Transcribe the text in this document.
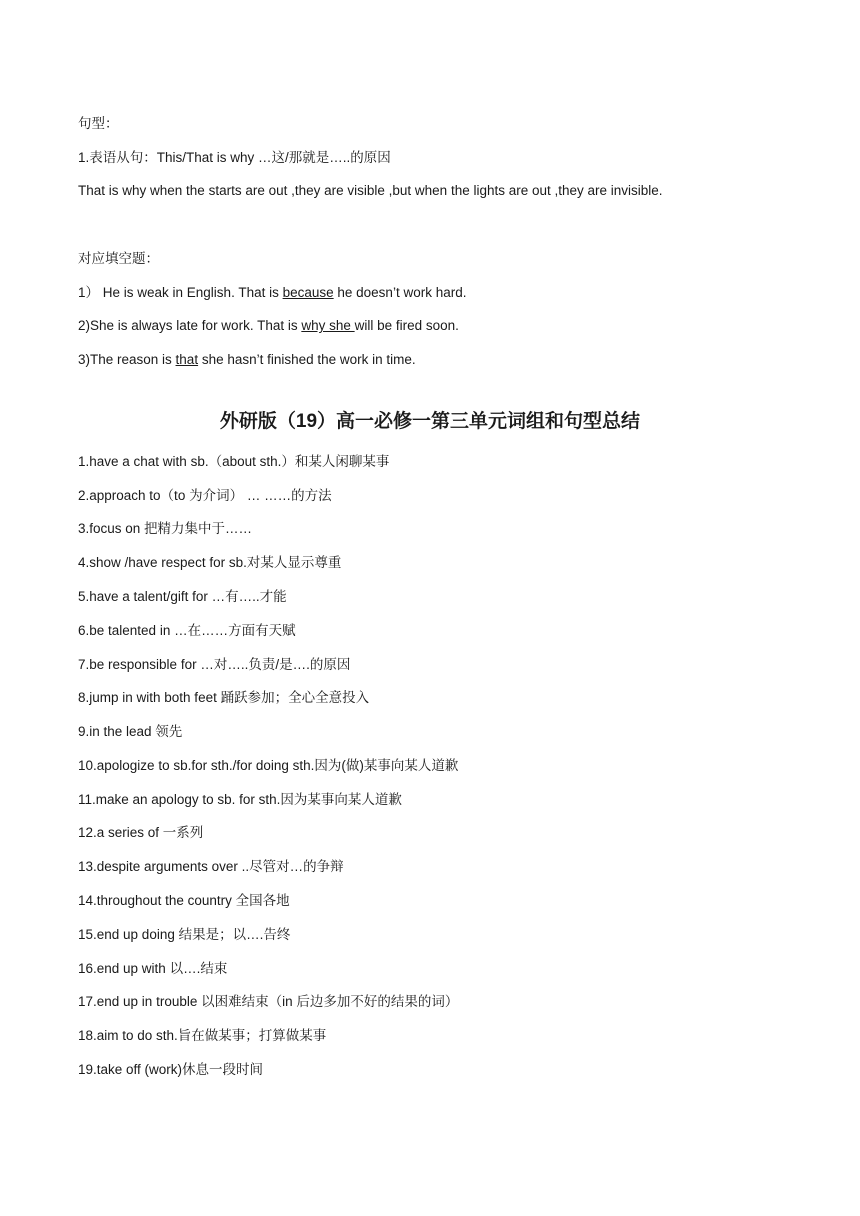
句型：
1.表语从句：This/That is why …这/那就是…..的原因
That is why when the starts are out ,they are visible ,but when the lights are out ,they are invisible.
对应填空题：
1） He is weak in English. That is because he doesn’t work hard.
2)She is always late for work. That is why she will be fired soon.
3)The reason is that she hasn’t finished the work in time.
外研版（19）高一必修一第三单元词组和句型总结
1.have a chat with sb.（about sth.）和某人闲聊某事
2.approach to（to 为介词） … ……的方法
3.focus on 把精力集中于……
4.show /have respect for sb.对某人显示尊重
5.have a talent/gift for …有…..才能
6.be talented in …在……方面有天赋
7.be responsible for …对…..负责/是….的原因
8.jump in with both feet 踊跃参加；全心全意投入
9.in the lead 领先
10.apologize to sb.for sth./for doing sth.因为(做)某事向某人道歉
11.make an apology to sb. for sth.因为某事向某人道歉
12.a series of 一系列
13.despite arguments over ..尽管对…的争辩
14.throughout the country 全国各地
15.end up doing 结果是；以….告终
16.end up with 以….结束
17.end up in trouble 以困难结束（in 后边多加不好的结果的词）
18.aim to do sth.旨在做某事；打算做某事
19.take off (work)休息一段时间
